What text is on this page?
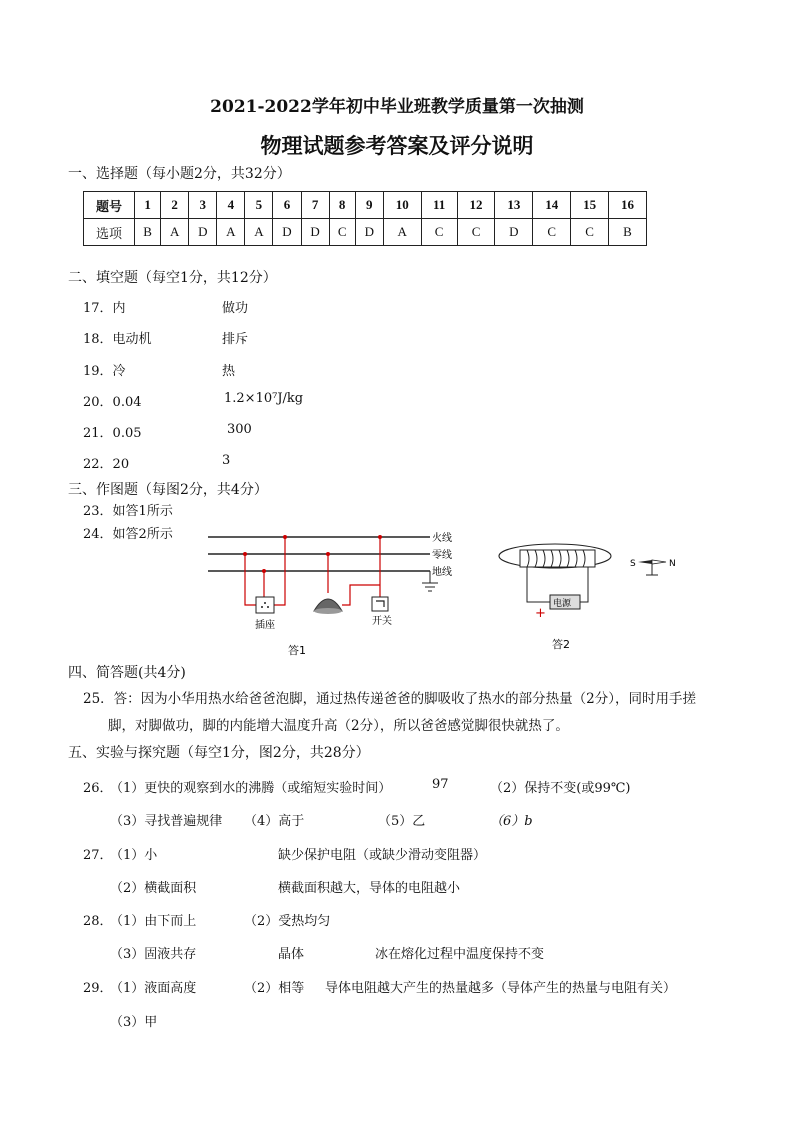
2021-2022学年初中毕业班教学质量第一次抽测
物理试题参考答案及评分说明
一、选择题（每小题2分，共32分）
题号	1	2	3	4	5	6	7	8	9	10	11	12	13	14	15	16
选项	B	A	D	A	A	D	D	C	D	A	C	C	D	C	C	B
二、填空题（每空1分，共12分）
17．内	做功
18．电动机	排斥
19．冷	热
20．0.04	1.2×10⁷J/kg
21．0.05	300
22．20	3
三、作图题（每图2分，共4分）
23．如答1所示
24．如答2所示	火线
零线
地线
插座	开关
答1
电源
+
S	N
答2
四、简答题(共4分)
25．答：因为小华用热水给爸爸泡脚，通过热传递爸爸的脚吸收了热水的部分热量（2分），同时用手搓
脚，对脚做功，脚的内能增大温度升高（2分），所以爸爸感觉脚很快就热了。
五、实验与探究题（每空1分，图2分，共28分）
26．
（1）更快的观察到水的沸腾（或缩短实验时间）	97	（2）保持不变(或99℃)
（3）寻找普遍规律 （4）高于	（5）乙	（6）b
27．
（1）小	缺少保护电阻（或缺少滑动变阻器）
（2）横截面积	横截面积越大，导体的电阻越小
28．
（1）由下而上	（2）受热均匀
（3）固液共存	晶体	冰在熔化过程中温度保持不变
29．
（1）液面高度	（2）相等 导体电阻越大产生的热量越多（导体产生的热量与电阻有关）
（3）甲
